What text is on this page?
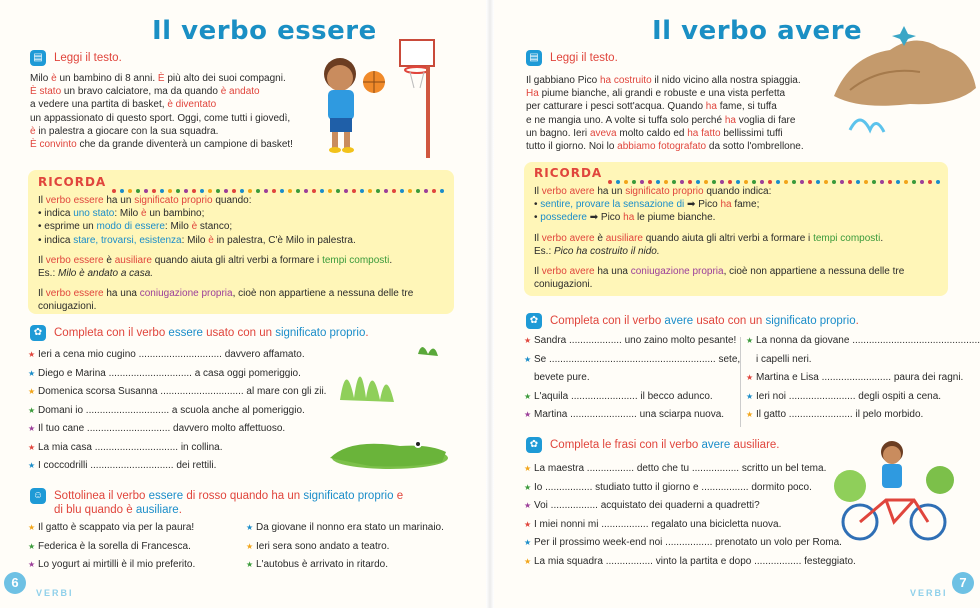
Il verbo essere
▤ Leggi il testo.
Milo è un bambino di 8 anni. È più alto dei suoi compagni.
È stato un bravo calciatore, ma da quando è andato
a vedere una partita di basket, è diventato
un appassionato di questo sport. Oggi, come tutti i giovedì,
è in palestra a giocare con la sua squadra.
È convinto che da grande diventerà un campione di basket!
RICORDA
Il verbo essere ha un significato proprio quando:
• indica uno stato: Milo è un bambino;
• esprime un modo di essere: Milo è stanco;
• indica stare, trovarsi, esistenza: Milo è in palestra, C'è Milo in palestra.
Il verbo essere è ausiliare quando aiuta gli altri verbi a formare i tempi composti.
Es.: Milo è andato a casa.
Il verbo essere ha una coniugazione propria, cioè non appartiene a nessuna delle tre
coniugazioni.
✿	Completa con il verbo essere usato con un significato proprio.
★ Ieri a cena mio cugino .............................. davvero affamato.
★ Diego e Marina .............................. a casa oggi pomeriggio.
★ Domenica scorsa Susanna .............................. al mare con gli zii.
★ Domani io .............................. a scuola anche al pomeriggio.
★ Il tuo cane .............................. davvero molto affettuoso.
★ La mia casa .............................. in collina.
★ I coccodrilli .............................. dei rettili.
☺ Sottolinea il verbo essere di rosso quando ha un significato proprio e
di blu quando è ausiliare.
★ Il gatto è scappato via per la paura!
★ Federica è la sorella di Francesca.
★ Lo yogurt ai mirtilli è il mio preferito.
★ Da giovane il nonno era stato un marinaio.
★ Ieri sera sono andato a teatro.
★ L'autobus è arrivato in ritardo.
6
VERBI
Il verbo avere
▤ Leggi il testo.
Il gabbiano Pico ha costruito il nido vicino alla nostra spiaggia.
Ha piume bianche, ali grandi e robuste e una vista perfetta
per catturare i pesci sott'acqua. Quando ha fame, si tuffa
e ne mangia uno. A volte si tuffa solo perché ha voglia di fare
un bagno. Ieri aveva molto caldo ed ha fatto bellissimi tuffi
tutto il giorno. Noi lo abbiamo fotografato da sotto l'ombrellone.
RICORDA
Il verbo avere ha un significato proprio quando indica:
• sentire, provare la sensazione di ➡ Pico ha fame;
• possedere ➡ Pico ha le piume bianche.
Il verbo avere è ausiliare quando aiuta gli altri verbi a formare i tempi composti.
Es.: Pico ha costruito il nido.
Il verbo avere ha una coniugazione propria, cioè non appartiene a nessuna delle tre
coniugazioni.
✿	Completa con il verbo avere usato con un significato proprio.
★ Sandra ................... uno zaino molto pesante!
★ Se ............................................................ sete,
bevete pure.
★ L'aquila ........................ il becco adunco.
★ Martina ........................ una sciarpa nuova.
★ La nonna da giovane ..............................................
i capelli neri.
★ Martina e Lisa ......................... paura dei ragni.
★ Ieri noi ........................ degli ospiti a cena.
★ Il gatto ....................... il pelo morbido.
✿	Completa le frasi con il verbo avere ausiliare.
★ La maestra ................. detto che tu ................. scritto un bel tema.
★ Io ................. studiato tutto il giorno e ................. dormito poco.
★ Voi ................. acquistato dei quaderni a quadretti?
★ I miei nonni mi ................. regalato una bicicletta nuova.
★ Per il prossimo week-end noi ................. prenotato un volo per Roma.
★ La mia squadra ................. vinto la partita e dopo ................. festeggiato.
VERBI
7
